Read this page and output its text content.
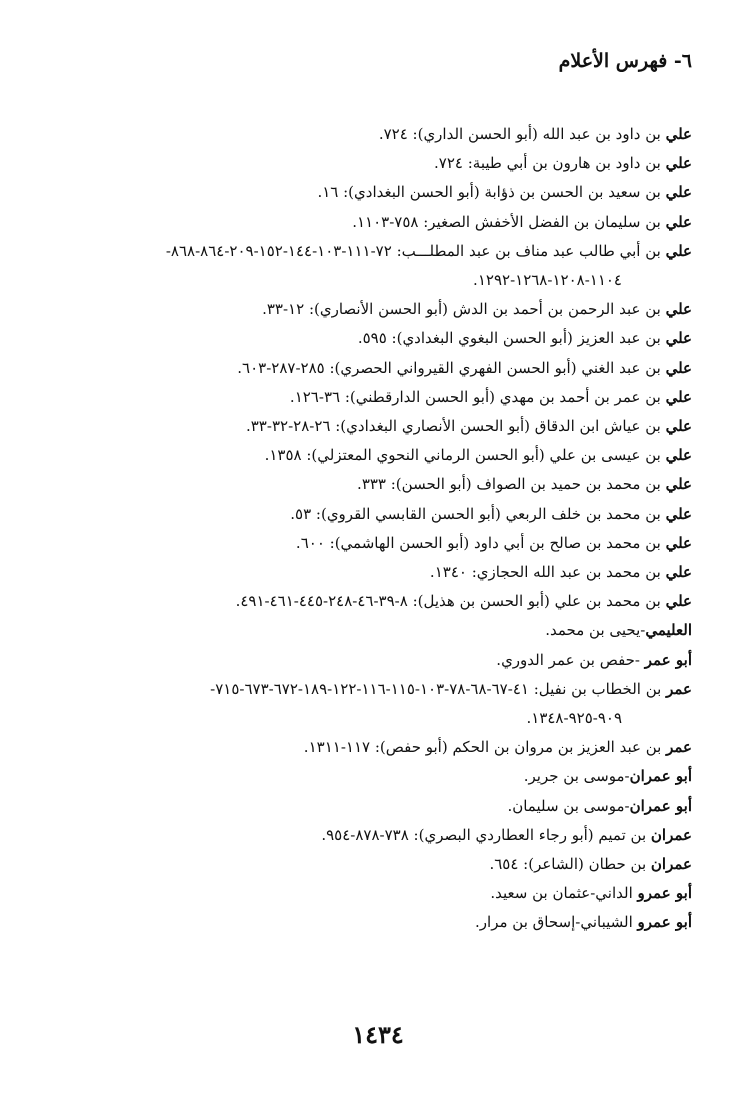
٦- فهرس الأعلام
علي بن داود بن عبد الله (أبو الحسن الداري): ٧٢٤.
علي بن داود بن هارون بن أبي طيبة: ٧٢٤.
علي بن سعيد بن الحسن بن ذؤابة (أبو الحسن البغدادي): ١٦.
علي بن سليمان بن الفضل الأخفش الصغير: ٧٥٨-١١٠٣.
علي بن أبي طالب عبد مناف بن عبد المطلـــب: ٧٢-١١١-١٠٣-١٤٤-١٥٢-٢٠٩-٨٦٤-٨٦٨-
١١٠٤-١٢٠٨-١٢٦٨-١٢٩٢.
علي بن عبد الرحمن بن أحمد بن الدش (أبو الحسن الأنصاري): ١٢-٣٣.
علي بن عبد العزيز (أبو الحسن البغوي البغدادي): ٥٩٥.
علي بن عبد الغني (أبو الحسن الفهري القيرواني الحصري): ٢٨٥-٢٨٧-٦٠٣.
علي بن عمر بن أحمد بن مهدي (أبو الحسن الدارقطني): ٣٦-١٢٦.
علي بن عياش ابن الدقاق (أبو الحسن الأنصاري البغدادي): ٢٦-٢٨-٣٢-٣٣.
علي بن عيسى بن علي (أبو الحسن الرماني النحوي المعتزلي): ١٣٥٨.
علي بن محمد بن حميد بن الصواف (أبو الحسن): ٣٣٣.
علي بن محمد بن خلف الربعي (أبو الحسن القابسي القروي): ٥٣.
علي بن محمد بن صالح بن أبي داود (أبو الحسن الهاشمي): ٦٠٠.
علي بن محمد بن عبد الله الحجازي: ١٣٤٠.
علي بن محمد بن علي (أبو الحسن بن هذيل): ٨-٣٩-٤٦-٢٤٨-٤٤٥-٤٦١-٤٩١.
العليمي-يحيى بن محمد.
أبو عمر -حفص بن عمر الدوري.
عمر بن الخطاب بن نفيل: ٤١-٦٧-٦٨-٧٨-١٠٣-١١٥-١١٦-١٢٢-١٨٩-٦٧٢-٦٧٣-٧١٥-
٩٠٩-٩٢٥-١٣٤٨.
عمر بن عبد العزيز بن مروان بن الحكم (أبو حفص): ١١٧-١٣١١.
أبو عمران-موسى بن جرير.
أبو عمران-موسى بن سليمان.
عمران بن تميم (أبو رجاء العطاردي البصري): ٧٣٨-٨٧٨-٩٥٤.
عمران بن حطان (الشاعر): ٦٥٤.
أبو عمرو الداني-عثمان بن سعيد.
أبو عمرو الشيباني-إسحاق بن مرار.
١٤٣٤
